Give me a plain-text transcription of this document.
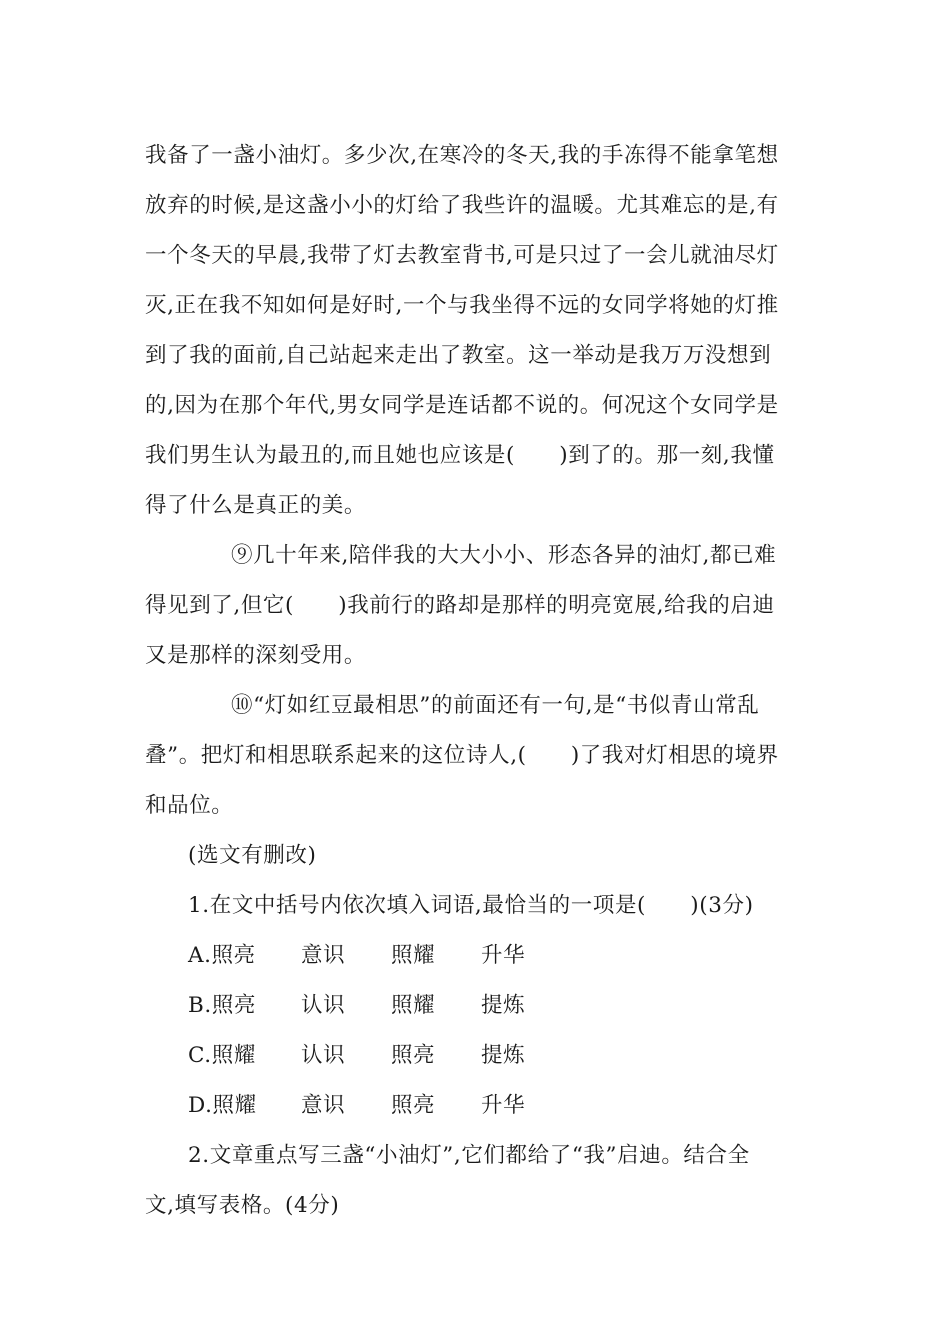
我备了一盏小油灯。多少次,在寒冷的冬天,我的手冻得不能拿笔想
放弃的时候,是这盏小小的灯给了我些许的温暖。尤其难忘的是,有
一个冬天的早晨,我带了灯去教室背书,可是只过了一会儿就油尽灯
灭,正在我不知如何是好时,一个与我坐得不远的女同学将她的灯推
到了我的面前,自己站起来走出了教室。这一举动是我万万没想到
的,因为在那个年代,男女同学是连话都不说的。何况这个女同学是
我们男生认为最丑的,而且她也应该是(　　)到了的。那一刻,我懂
得了什么是真正的美。
⑨几十年来,陪伴我的大大小小、形态各异的油灯,都已难
得见到了,但它(　　)我前行的路却是那样的明亮宽展,给我的启迪
又是那样的深刻受用。
⑩“灯如红豆最相思”的前面还有一句,是“书似青山常乱
叠”。把灯和相思联系起来的这位诗人,(　　)了我对灯相思的境界
和品位。
(选文有删改)
1.在文中括号内依次填入词语,最恰当的一项是(　　)(3分)
A.照亮	意识	照耀	升华
B.照亮	认识	照耀	提炼
C.照耀	认识	照亮	提炼
D.照耀	意识	照亮	升华
2.文章重点写三盏“小油灯”,它们都给了“我”启迪。结合全
文,填写表格。(4分)
